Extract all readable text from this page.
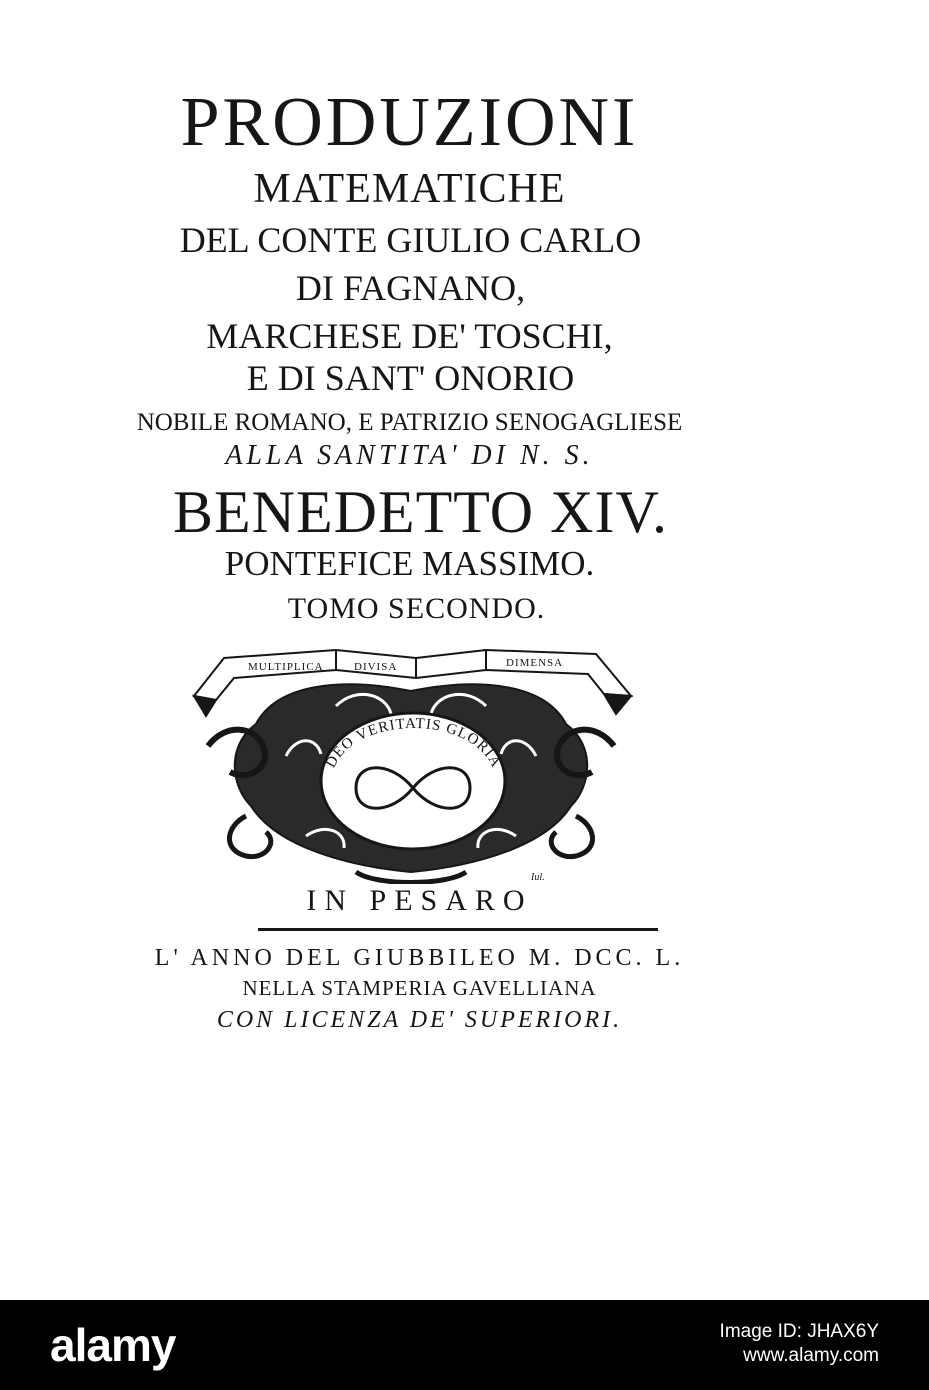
PRODUZIONI
MATEMATICHE
DEL CONTE GIULIO CARLO
DI FAGNANO,
MARCHESE DE' TOSCHI,
E DI SANT' ONORIO
NOBILE ROMANO, E PATRIZIO SENOGAGLIESE
ALLA SANTITA' DI N. S.
BENEDETTO XIV.
PONTEFICE MASSIMO.
TOMO SECONDO.
MULTIPLICA	DIVISA	DIMENSA
DEO VERITATIS GLORIA
Iul.
IN PESARO
L' ANNO DEL GIUBBILEO M. DCC. L.
NELLA STAMPERIA GAVELLIANA
CON LICENZA DE' SUPERIORI.
alamy	Image ID: JHAX6Y
www.alamy.com
